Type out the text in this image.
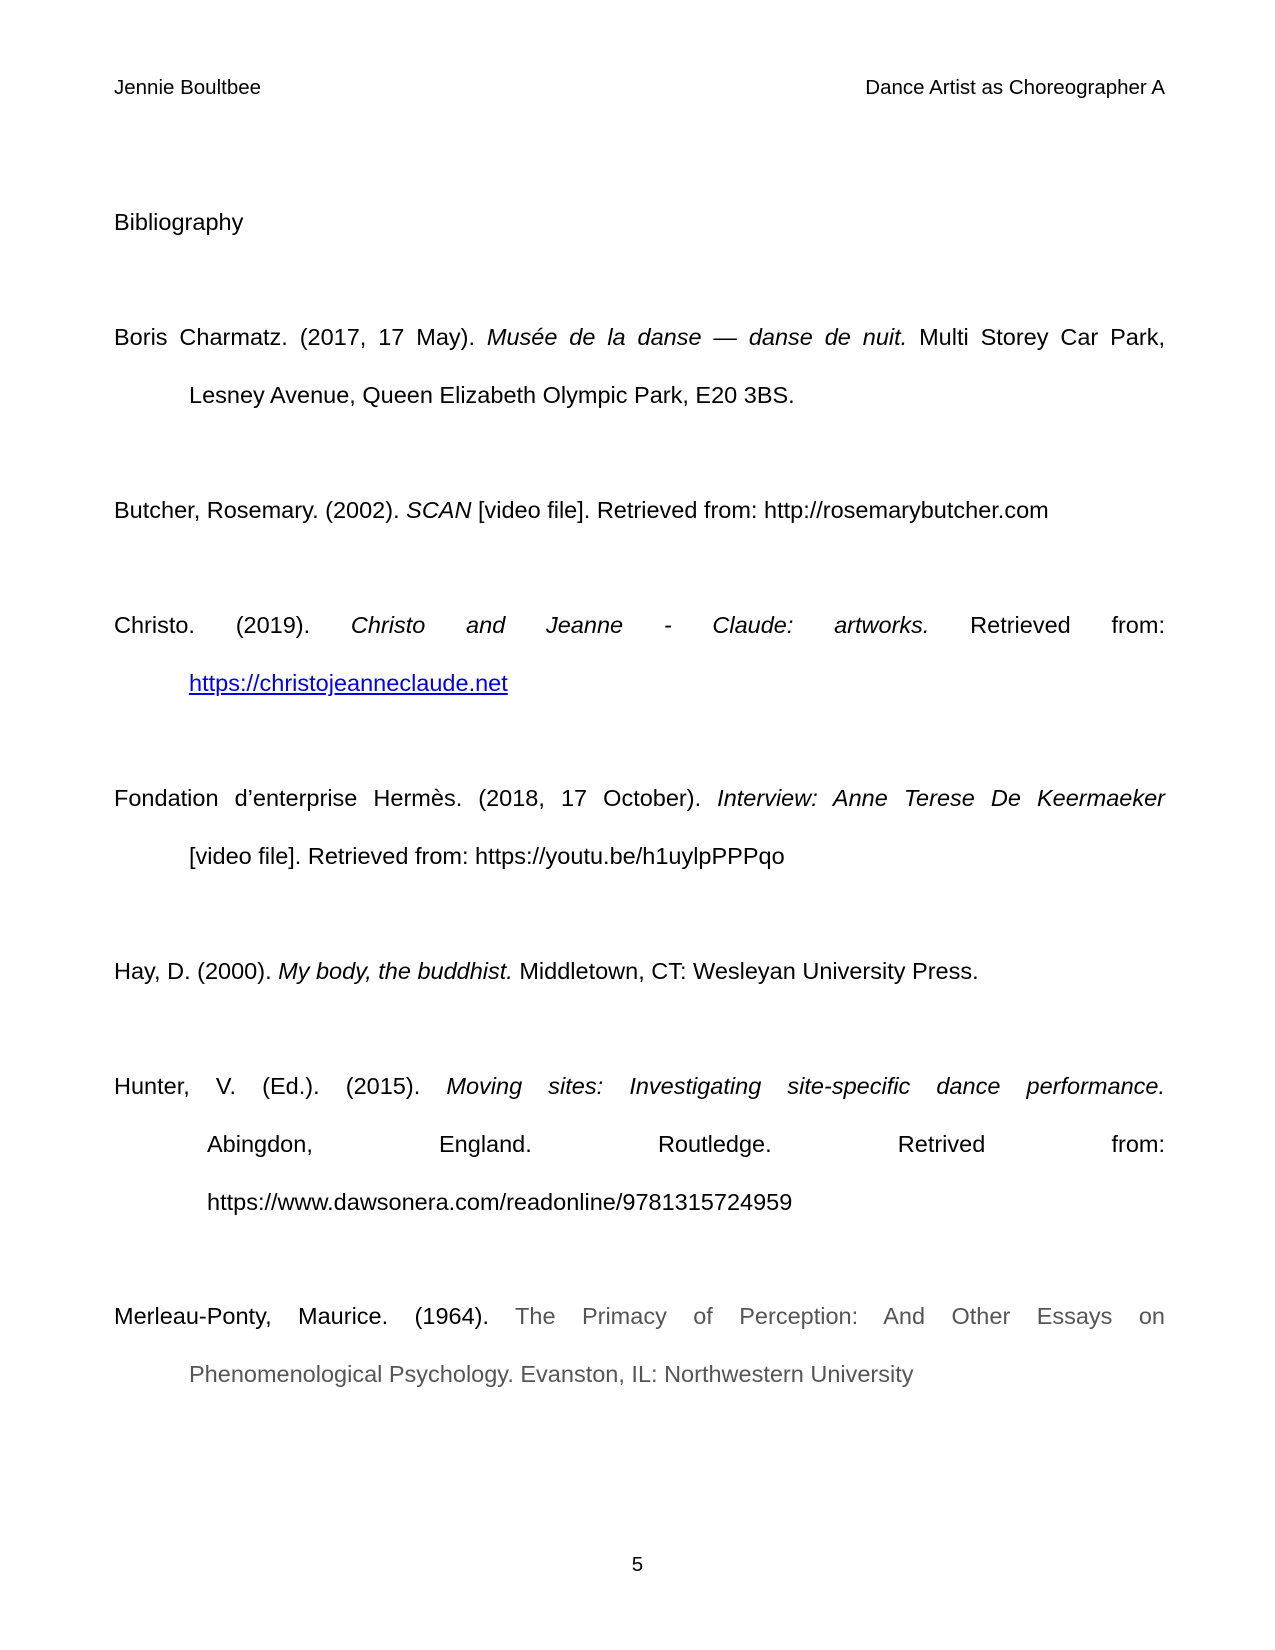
Jennie Boultbee	Dance Artist as Choreographer A
Bibliography
Boris Charmatz. (2017, 17 May). Musée de la danse — danse de nuit. Multi Storey Car Park,
Lesney Avenue, Queen Elizabeth Olympic Park, E20 3BS.
Butcher, Rosemary. (2002). SCAN [video file]. Retrieved from: http://rosemarybutcher.com
Christo. (2019). Christo and Jeanne - Claude: artworks. Retrieved from:
https://christojeanneclaude.net
Fondation d’enterprise Hermès. (2018, 17 October). Interview: Anne Terese De Keermaeker
[video file]. Retrieved from: https://youtu.be/h1uylpPPPqo
Hay, D. (2000). My body, the buddhist. Middletown, CT: Wesleyan University Press.
Hunter, V. (Ed.). (2015). Moving sites: Investigating site-specific dance performance.
Abingdon, England. Routledge. Retrived from:
https://www.dawsonera.com/readonline/9781315724959
Merleau-Ponty, Maurice. (1964). The Primacy of Perception: And Other Essays on
Phenomenological Psychology. Evanston, IL: Northwestern University
5
